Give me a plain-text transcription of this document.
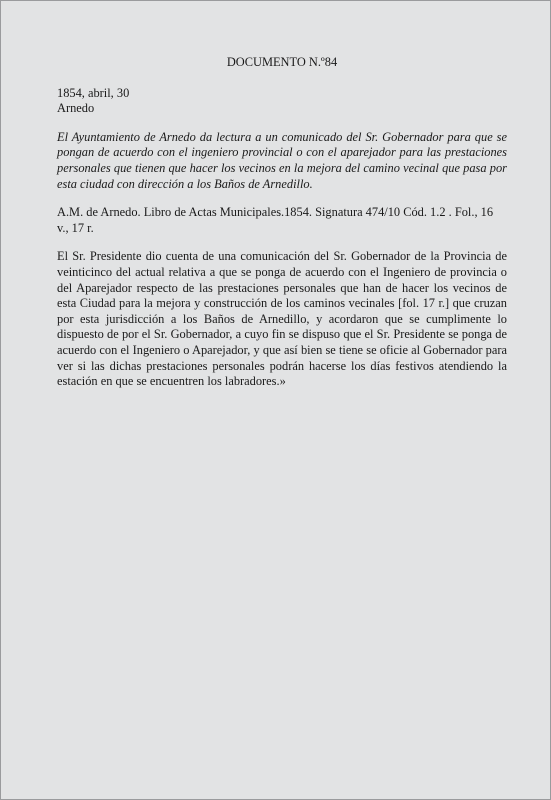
DOCUMENTO N.º84
1854, abril, 30
Arnedo

El Ayuntamiento de Arnedo da lectura a un comunicado del Sr. Gobernador para que se pongan de acuerdo con el ingeniero provincial o con el aparejador para las prestaciones personales que tienen que hacer los vecinos en la mejora del camino vecinal que pasa por esta ciudad con dirección a los Baños de Arnedillo.

A.M. de Arnedo. Libro de Actas Municipales.1854. Signatura 474/10 Cód. 1.2 . Fol., 16 v., 17 r.

El Sr. Presidente dio cuenta de una comunicación del Sr. Gobernador de la Provincia de veinticinco del actual relativa a que se ponga de acuerdo con el Ingeniero de provincia o del Aparejador respecto de las prestaciones personales que han de hacer los vecinos de esta Ciudad para la mejora y construcción de los caminos vecinales [fol. 17 r.] que cruzan por esta jurisdicción a los Baños de Arnedillo, y acordaron que se cumplimente lo dispuesto de por el Sr. Gobernador, a cuyo fin se dispuso que el Sr. Presidente se ponga de acuerdo con el Ingeniero o Aparejador, y que así bien se tiene se oficie al Gobernador para ver si las dichas prestaciones personales podrán hacerse los días festivos atendiendo la estación en que se encuentren los labradores.»
